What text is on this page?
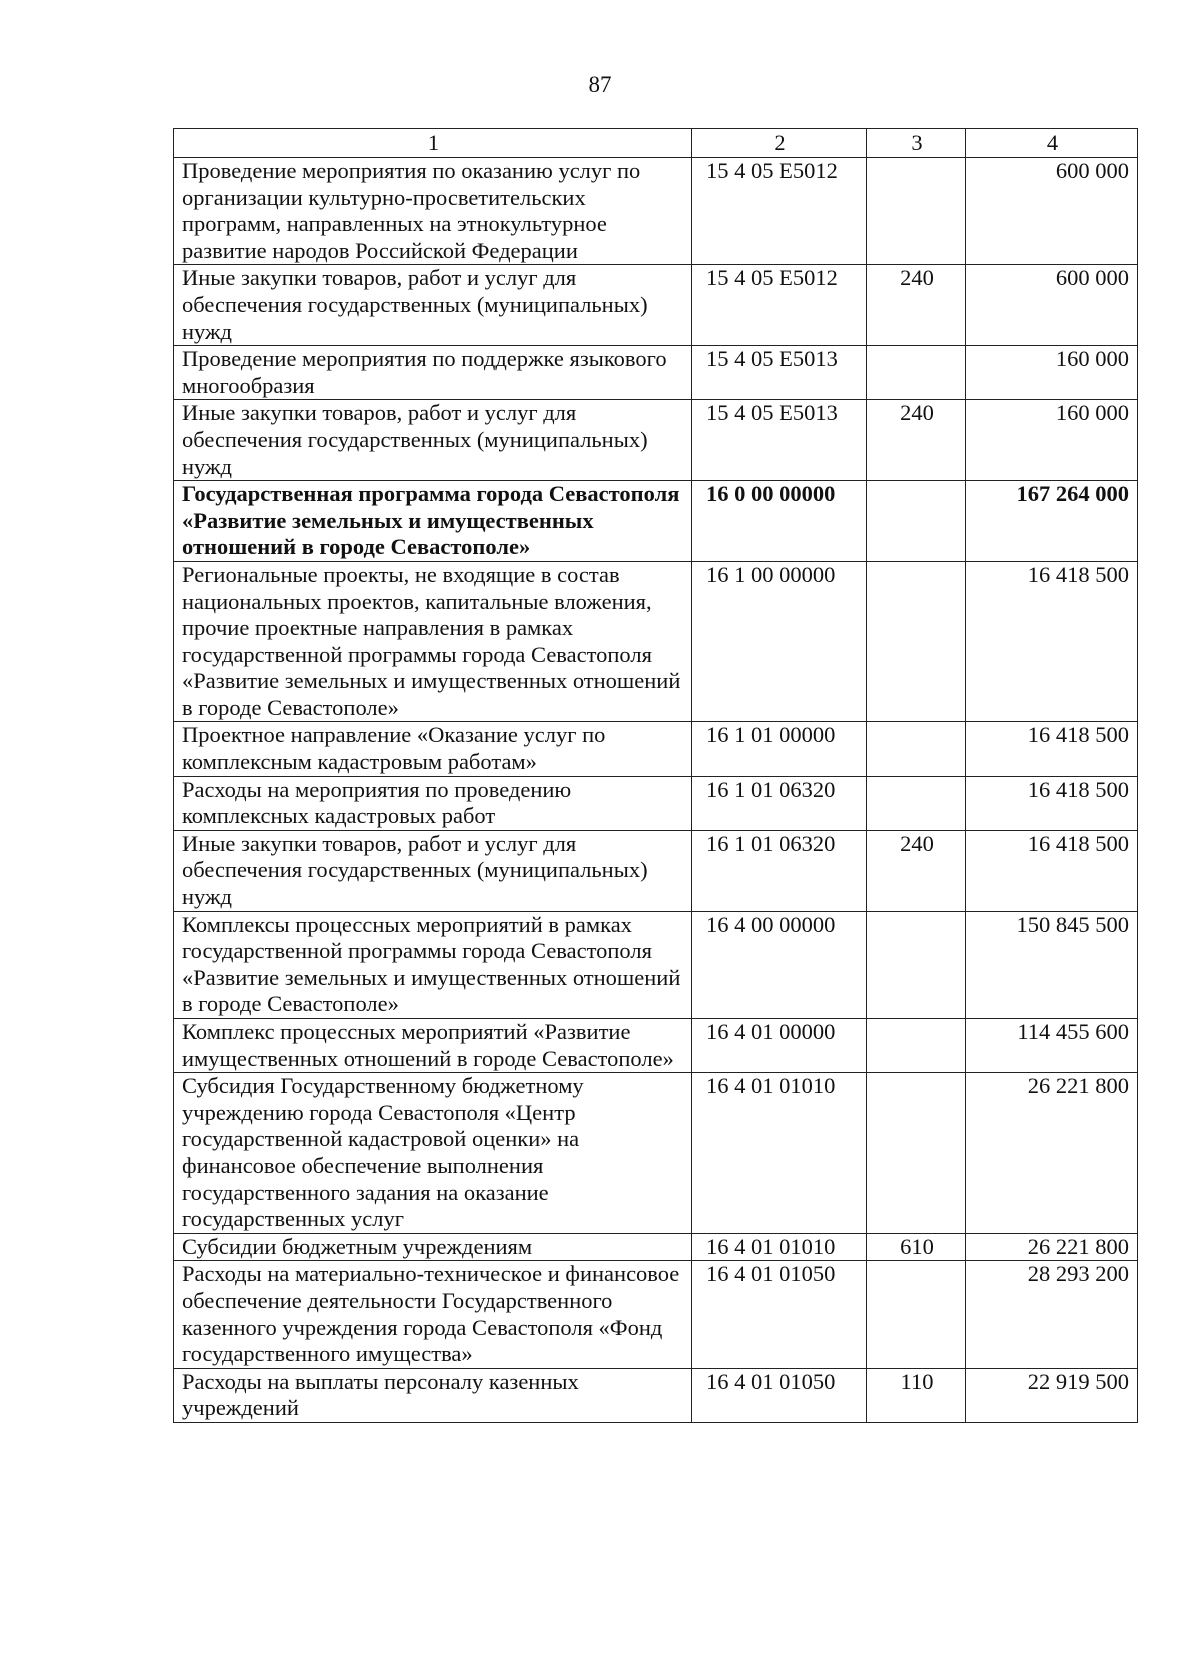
87
1	2	3	4
Проведение мероприятия по оказанию услуг по организации культурно-просветительских программ, направленных на этнокультурное развитие народов Российской Федерации	15 4 05 E5012		600 000
Иные закупки товаров, работ и услуг для обеспечения государственных (муниципальных) нужд	15 4 05 E5012	240	600 000
Проведение мероприятия по поддержке языкового многообразия	15 4 05 E5013		160 000
Иные закупки товаров, работ и услуг для обеспечения государственных (муниципальных) нужд	15 4 05 E5013	240	160 000
Государственная программа города Севастополя «Развитие земельных и имущественных отношений в городе Севастополе»	16 0 00 00000		167 264 000
Региональные проекты, не входящие в состав национальных проектов, капитальные вложения, прочие проектные направления в рамках государственной программы города Севастополя «Развитие земельных и имущественных отношений в городе Севастополе»	16 1 00 00000		16 418 500
Проектное направление «Оказание услуг по комплексным кадастровым работам»	16 1 01 00000		16 418 500
Расходы на мероприятия по проведению комплексных кадастровых работ	16 1 01 06320		16 418 500
Иные закупки товаров, работ и услуг для обеспечения государственных (муниципальных) нужд	16 1 01 06320	240	16 418 500
Комплексы процессных мероприятий в рамках государственной программы города Севастополя «Развитие земельных и имущественных отношений в городе Севастополе»	16 4 00 00000		150 845 500
Комплекс процессных мероприятий «Развитие имущественных отношений в городе Севастополе»	16 4 01 00000		114 455 600
Субсидия Государственному бюджетному учреждению города Севастополя «Центр государственной кадастровой оценки» на финансовое обеспечение выполнения государственного задания на оказание государственных услуг	16 4 01 01010		26 221 800
Субсидии бюджетным учреждениям	16 4 01 01010	610	26 221 800
Расходы на материально-техническое и финансовое обеспечение деятельности Государственного казенного учреждения города Севастополя «Фонд государственного имущества»	16 4 01 01050		28 293 200
Расходы на выплаты персоналу казенных учреждений	16 4 01 01050	110	22 919 500
